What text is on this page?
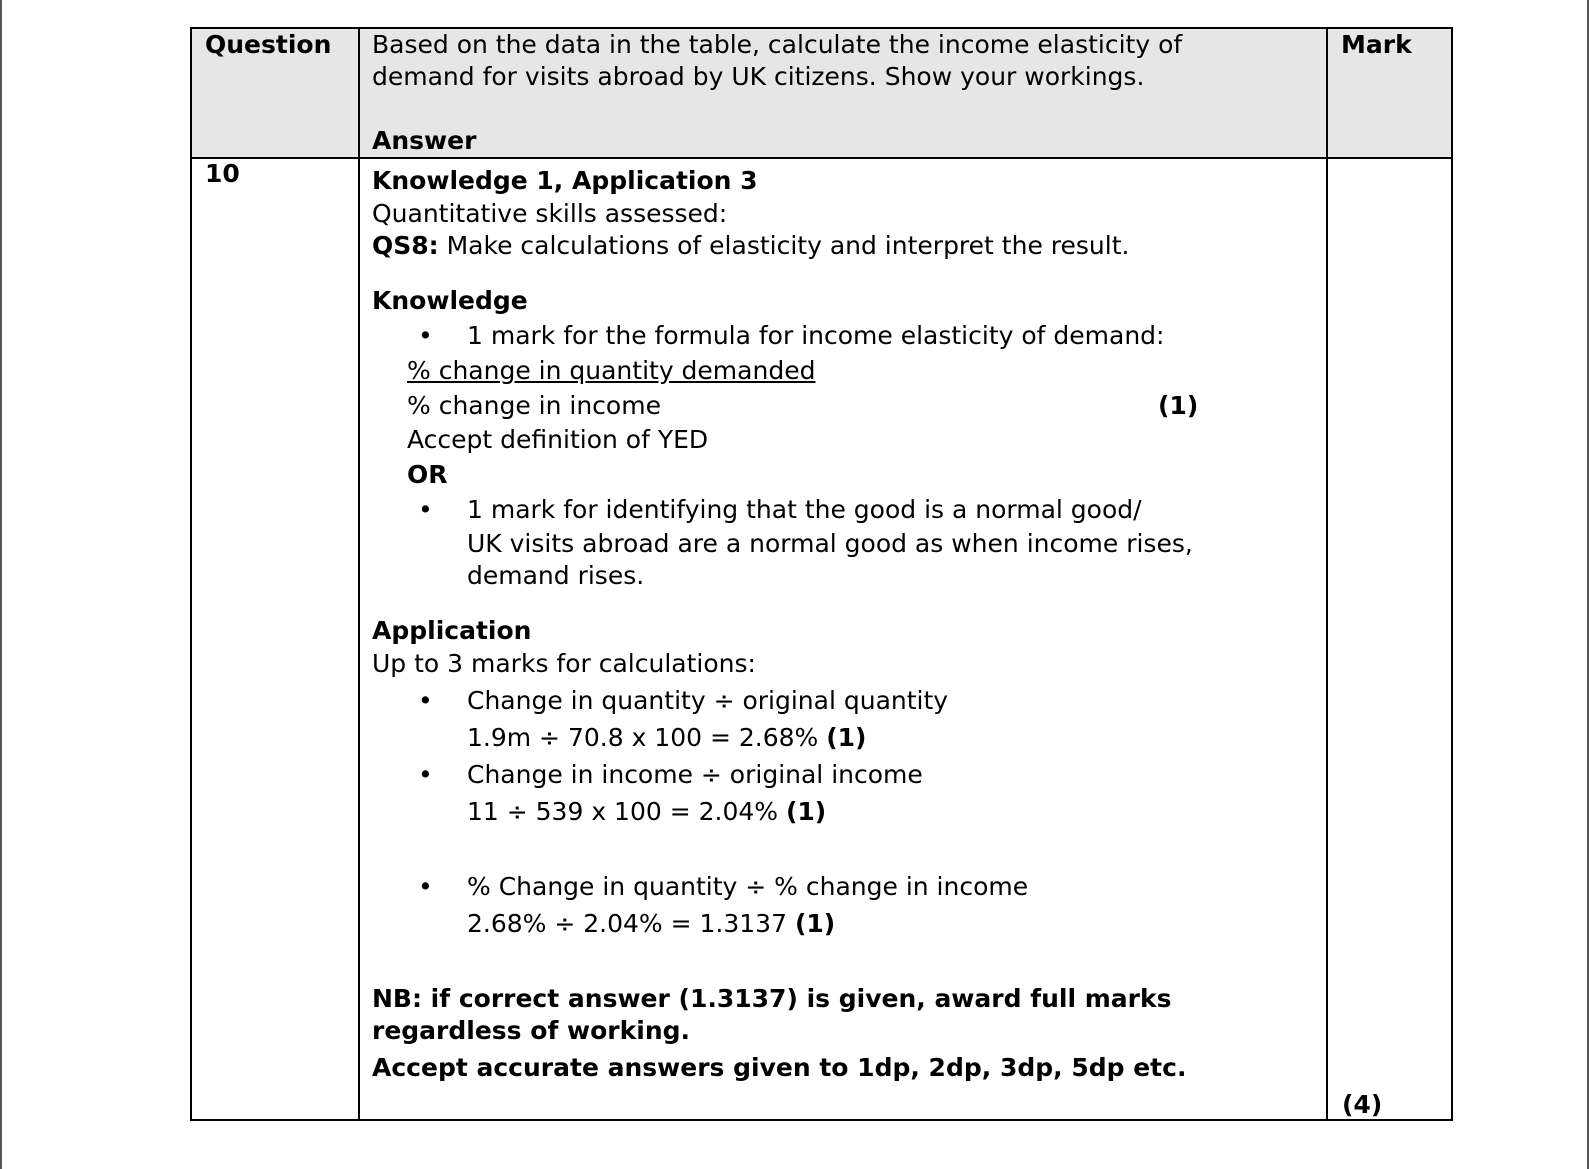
Question Based on the data in the table, calculate the income elasticity of
demand for visits abroad by UK citizens. Show your workings.
Answer
Mark
10	Knowledge 1, Application 3
Quantitative skills assessed:
QS8: Make calculations of elasticity and interpret the result.
Knowledge
• 1 mark for the formula for income elasticity of demand:
% change in quantity demanded
% change in income	(1)
Accept definition of YED
OR
• 1 mark for identifying that the good is a normal good/
UK visits abroad are a normal good as when income rises,
demand rises.
Application
Up to 3 marks for calculations:
• Change in quantity ÷ original quantity
1.9m ÷ 70.8 x 100 = 2.68% (1)
• Change in income ÷ original income
11 ÷ 539 x 100 = 2.04% (1)
• % Change in quantity ÷ % change in income
2.68% ÷ 2.04% = 1.3137 (1)
NB: if correct answer (1.3137) is given, award full marks
regardless of working.
Accept accurate answers given to 1dp, 2dp, 3dp, 5dp etc.
(4)
